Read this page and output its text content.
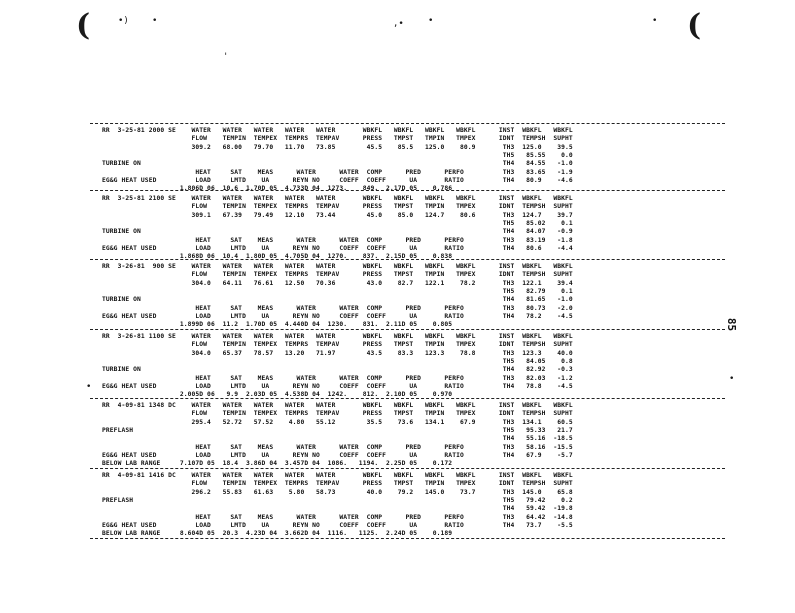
(	(
•)	•	‚•	•	•
'
•
•
85
RR  3-25-81 2000 SE    WATER   WATER   WATER   WATER   WATER       WBKFL   WBKFL   WBKFL   WBKFL      INST  WBKFL   WBKFL
FLOW    TEMPIN  TEMPEX  TEMPRS  TEMPAV      PRESS   TMPST   TMPIN   TMPEX      IDNT  TEMPSH  SUPHT
309.2   68.00   79.70   11.70   73.85        45.5    85.5   125.0    80.9       TH3  125.0    39.5
TH5   85.55    0.0
TURBINE ON                                                                                             TH4   84.55   -1.0
HEAT     SAT    MEAS      WATER      WATER  COMP      PRED      PERFO          TH3   83.65   -1.9
EG&G HEAT USED          LOAD     LMTD    UA      REYN NO     COEFF  COEFF      UA       RATIO          TH4   80.9    -4.6
1.806D 06  10.6  1.70D 05  4.733D 04  1273.    849.  2.17D 05    0.786
RR  3-25-81 2100 SE    WATER   WATER   WATER   WATER   WATER       WBKFL   WBKFL   WBKFL   WBKFL      INST  WBKFL   WBKFL
FLOW    TEMPIN  TEMPEX  TEMPRS  TEMPAV      PRESS   TMPST   TMPIN   TMPEX      IDNT  TEMPSH  SUPHT
309.1   67.39   79.49   12.10   73.44        45.0    85.0   124.7    80.6       TH3  124.7    39.7
TH5   85.02    0.1
TURBINE ON                                                                                             TH4   84.07   -0.9
HEAT     SAT    MEAS      WATER      WATER  COMP      PRED      PERFO          TH3   83.19   -1.8
EG&G HEAT USED          LOAD     LMTD    UA      REYN NO     COEFF  COEFF      UA       RATIO          TH4   80.6    -4.4
1.868D 06  10.4  1.80D 05  4.705D 04  1270.    837.  2.15D 05    0.838
RR  3-26-81  900 SE    WATER   WATER   WATER   WATER   WATER       WBKFL   WBKFL   WBKFL   WBKFL      INST  WBKFL   WBKFL
FLOW    TEMPIN  TEMPEX  TEMPRS  TEMPAV      PRESS   TMPST   TMPIN   TMPEX      IDNT  TEMPSH  SUPHT
304.0   64.11   76.61   12.50   70.36        43.0    82.7   122.1    78.2       TH3  122.1    39.4
TH5   82.79    0.1
TURBINE ON                                                                                             TH4   81.65   -1.0
HEAT     SAT    MEAS      WATER      WATER  COMP      PRED      PERFO          TH3   80.73   -2.0
EG&G HEAT USED          LOAD     LMTD    UA      REYN NO     COEFF  COEFF      UA       RATIO          TH4   78.2    -4.5
1.899D 06  11.2  1.70D 05  4.440D 04  1230.    831.  2.11D 05    0.805
RR  3-26-81 1100 SE    WATER   WATER   WATER   WATER   WATER       WBKFL   WBKFL   WBKFL   WBKFL      INST  WBKFL   WBKFL
FLOW    TEMPIN  TEMPEX  TEMPRS  TEMPAV      PRESS   TMPST   TMPIN   TMPEX      IDNT  TEMPSH  SUPHT
304.0   65.37   78.57   13.20   71.97        43.5    83.3   123.3    78.8       TH3  123.3    40.0
TH5   84.05    0.8
TURBINE ON                                                                                             TH4   82.92   -0.3
HEAT     SAT    MEAS      WATER      WATER  COMP      PRED      PERFO          TH3   82.03   -1.2
EG&G HEAT USED          LOAD     LMTD    UA      REYN NO     COEFF  COEFF      UA       RATIO          TH4   78.8    -4.5
2.005D 06   9.9  2.03D 05  4.538D 04  1242.    812.  2.10D 05    0.970
RR  4-09-81 1348 DC    WATER   WATER   WATER   WATER   WATER       WBKFL   WBKFL   WBKFL   WBKFL      INST  WBKFL   WBKFL
FLOW    TEMPIN  TEMPEX  TEMPRS  TEMPAV      PRESS   TMPST   TMPIN   TMPEX      IDNT  TEMPSH  SUPHT
295.4   52.72   57.52    4.80   55.12        35.5    73.6   134.1    67.9       TH3  134.1    60.5
PREFLASH                                                                                               TH5   95.33   21.7
TH4   55.16  -18.5
HEAT     SAT    MEAS      WATER      WATER  COMP      PRED      PERFO          TH3   58.16  -15.5
EG&G HEAT USED          LOAD     LMTD    UA      REYN NO     COEFF  COEFF      UA       RATIO          TH4   67.9    -5.7
BELOW LAB RANGE     7.107D 05  18.4  3.86D 04  3.457D 04  1086.   1194.  2.25D 05    0.172
RR  4-09-81 1416 DC    WATER   WATER   WATER   WATER   WATER       WBKFL   WBKFL   WBKFL   WBKFL      INST  WBKFL   WBKFL
FLOW    TEMPIN  TEMPEX  TEMPRS  TEMPAV      PRESS   TMPST   TMPIN   TMPEX      IDNT  TEMPSH  SUPHT
296.2   55.83   61.63    5.80   58.73        40.0    79.2   145.0    73.7       TH3  145.0    65.8
PREFLASH                                                                                               TH5   79.42    0.2
TH4   59.42  -19.8
HEAT     SAT    MEAS      WATER      WATER  COMP      PRED      PERFO          TH3   64.42  -14.8
EG&G HEAT USED          LOAD     LMTD    UA      REYN NO     COEFF  COEFF      UA       RATIO          TH4   73.7    -5.5
BELOW LAB RANGE     8.604D 05  20.3  4.23D 04  3.662D 04  1116.   1125.  2.24D 05    0.189
